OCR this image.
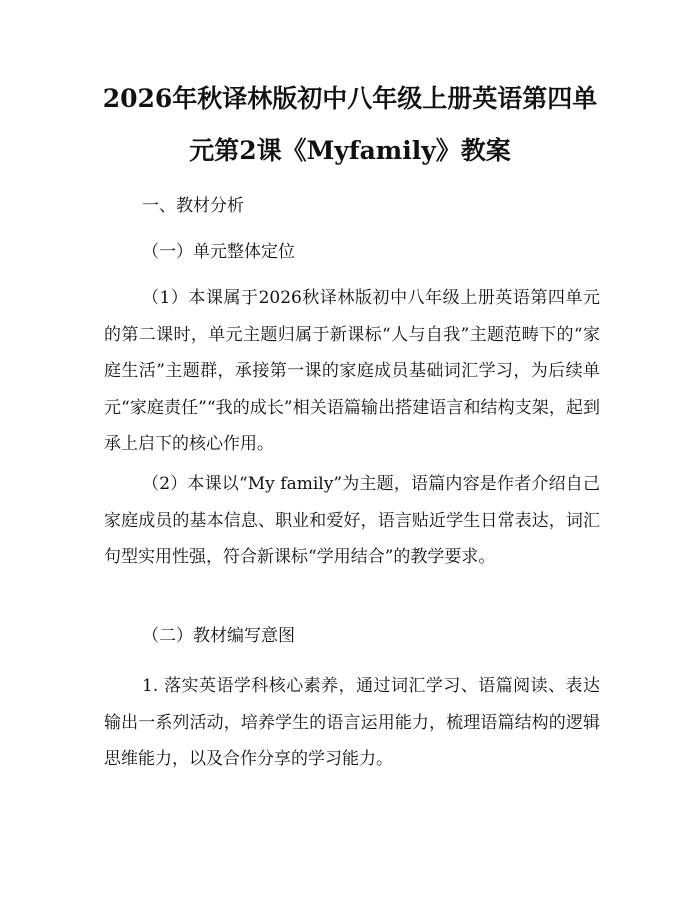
2026年秋译林版初中八年级上册英语第四单
元第2课《Myfamily》教案

一、教材分析

（一）单元整体定位

（1）本课属于2026秋译林版初中八年级上册英语第四单元的第二课时，单元主题归属于新课标“人与自我”主题范畴下的“家庭生活”主题群，承接第一课的家庭成员基础词汇学习，为后续单元“家庭责任”“我的成长”相关语篇输出搭建语言和结构支架，起到承上启下的核心作用。

（2）本课以“My family”为主题，语篇内容是作者介绍自己家庭成员的基本信息、职业和爱好，语言贴近学生日常表达，词汇句型实用性强，符合新课标“学用结合”的教学要求。

（二）教材编写意图

1. 落实英语学科核心素养，通过词汇学习、语篇阅读、表达输出一系列活动，培养学生的语言运用能力，梳理语篇结构的逻辑思维能力，以及合作分享的学习能力。
